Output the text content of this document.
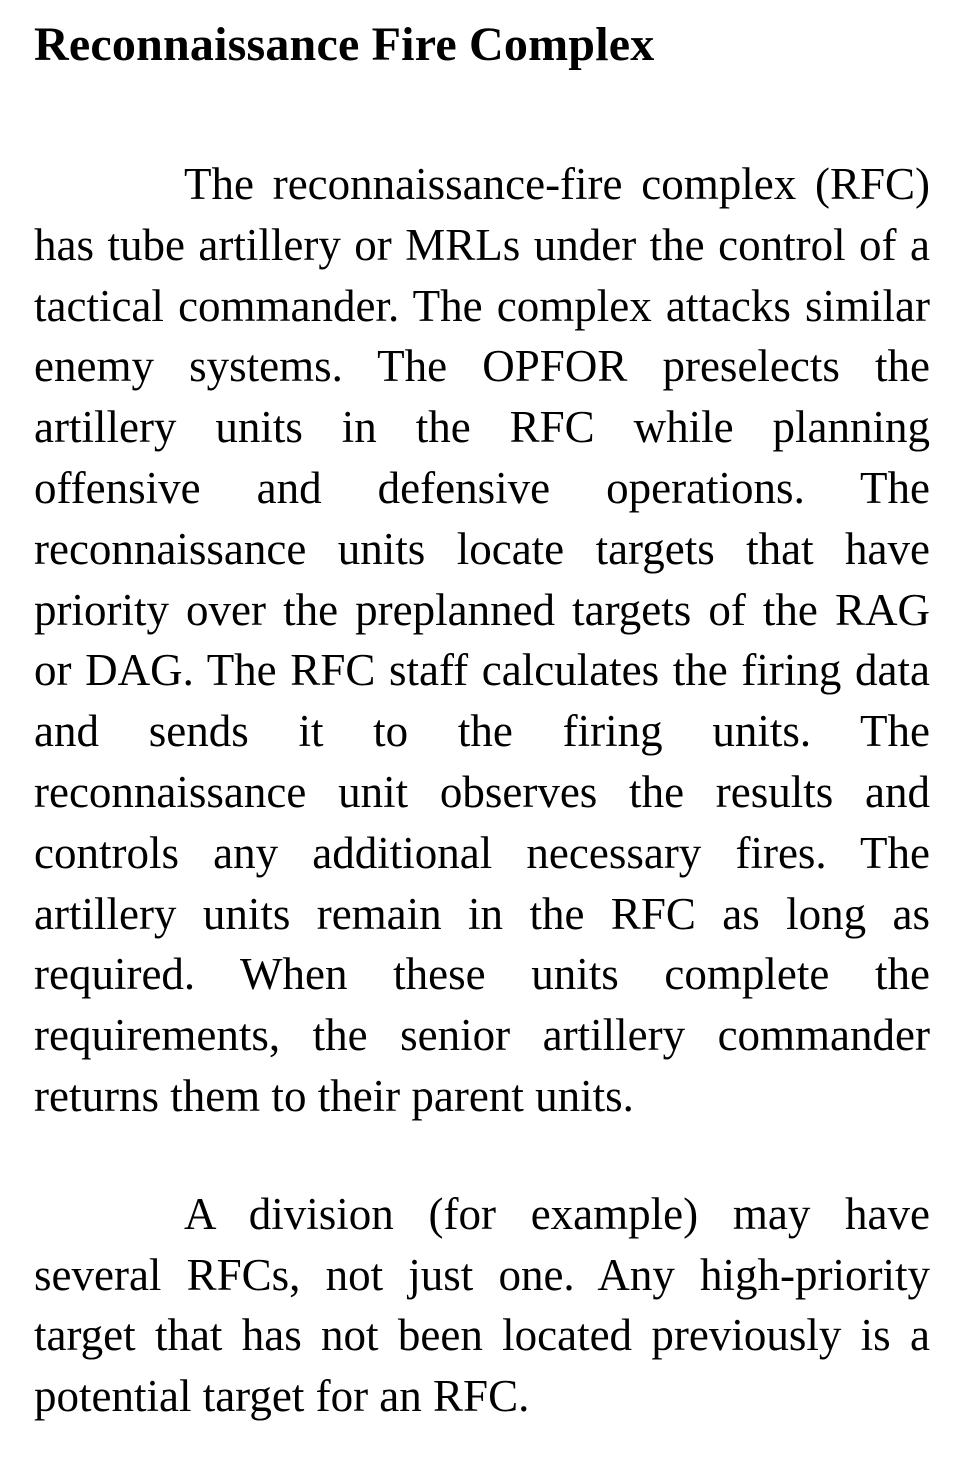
Reconnaissance Fire Complex

The reconnaissance-fire complex (RFC) has tube artillery or MRLs under the control of a tactical commander. The complex attacks similar enemy systems. The OPFOR preselects the artillery units in the RFC while planning offensive and defensive operations. The reconnaissance units locate targets that have priority over the preplanned targets of the RAG or DAG. The RFC staff calculates the firing data and sends it to the firing units. The reconnaissance unit observes the results and controls any additional necessary fires. The artillery units remain in the RFC as long as required. When these units complete the requirements, the senior artillery commander returns them to their parent units.

A division (for example) may have several RFCs, not just one. Any high-priority target that has not been located previously is a potential target for an RFC.
